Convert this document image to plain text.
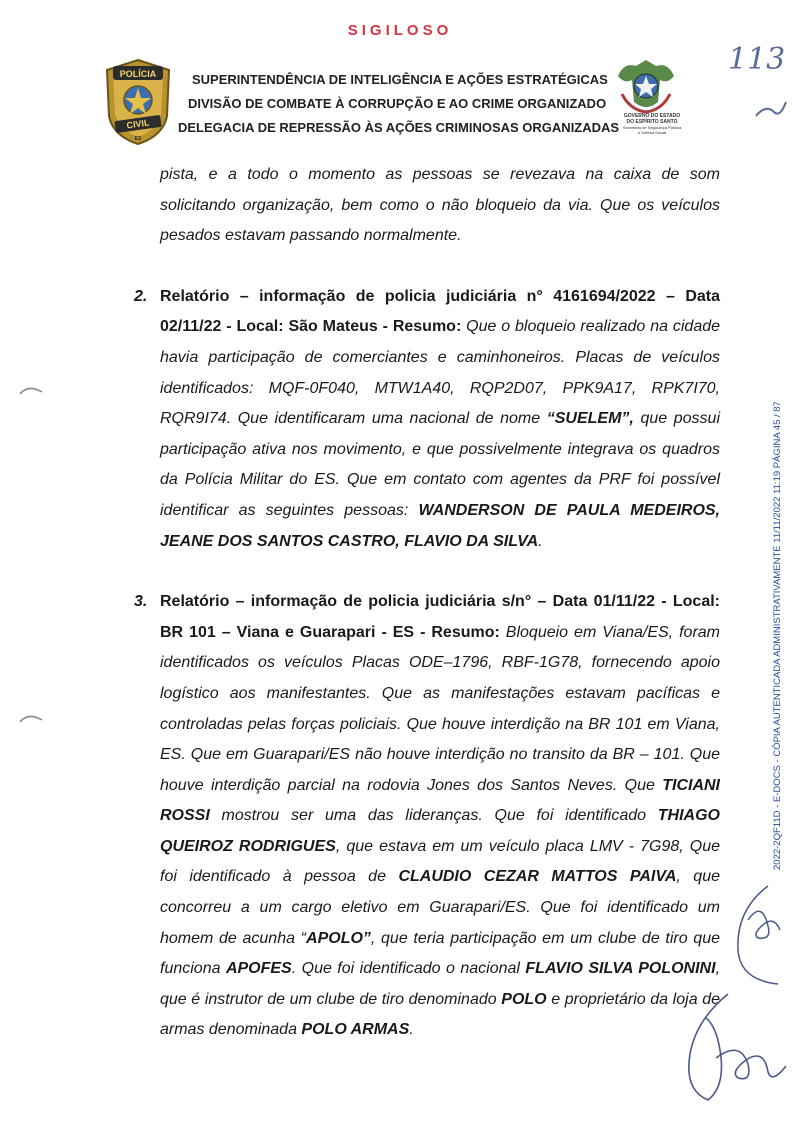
SIGILOSO
POLÍCIA
CIVIL
ES
SUPERINTENDÊNCIA DE INTELIGÊNCIA E AÇÕES ESTRATÉGICAS
DIVISÃO DE COMBATE À CORRUPÇÃO E AO CRIME ORGANIZADO
DELEGACIA DE REPRESSÃO ÀS AÇÕES CRIMINOSAS ORGANIZADAS
GOVERNO DO ESTADO
DO ESPÍRITO SANTO
Secretaria de Segurança Pública
e Defesa Social
113
2022-2QF11D - E-DOCS - CÓPIA AUTENTICADA ADMINISTRATIVAMENTE 11/11/2022 11:19 PÁGINA 45 / 87

pista, e a todo o momento as pessoas se revezava na caixa de som solicitando organização, bem como o não bloqueio da via. Que os veículos pesados estavam passando normalmente.

2. Relatório – informação de policia judiciária n° 4161694/2022 – Data 02/11/22 - Local: São Mateus - Resumo: Que o bloqueio realizado na cidade havia participação de comerciantes e caminhoneiros. Placas de veículos identificados: MQF-0F040, MTW1A40, RQP2D07, PPK9A17, RPK7I70, RQR9I74. Que identificaram uma nacional de nome “SUELEM”, que possui participação ativa nos movimento, e que possivelmente integrava os quadros da Polícia Militar do ES. Que em contato com agentes da PRF foi possível identificar as seguintes pessoas: WANDERSON DE PAULA MEDEIROS, JEANE DOS SANTOS CASTRO, FLAVIO DA SILVA.

3. Relatório – informação de policia judiciária s/n° – Data 01/11/22 - Local: BR 101 – Viana e Guarapari - ES - Resumo: Bloqueio em Viana/ES, foram identificados os veículos Placas ODE–1796, RBF-1G78, fornecendo apoio logístico aos manifestantes. Que as manifestações estavam pacíficas e controladas pelas forças policiais. Que houve interdição na BR 101 em Viana, ES. Que em Guarapari/ES não houve interdição no transito da BR – 101. Que houve interdição parcial na rodovia Jones dos Santos Neves. Que TICIANI ROSSI mostrou ser uma das lideranças. Que foi identificado THIAGO QUEIROZ RODRIGUES, que estava em um veículo placa LMV - 7G98, Que foi identificado à pessoa de CLAUDIO CEZAR MATTOS PAIVA, que concorreu a um cargo eletivo em Guarapari/ES. Que foi identificado um homem de acunha “APOLO”, que teria participação em um clube de tiro que funciona APOFES. Que foi identificado o nacional FLAVIO SILVA POLONINI, que é instrutor de um clube de tiro denominado POLO e proprietário da loja de armas denominada POLO ARMAS.
